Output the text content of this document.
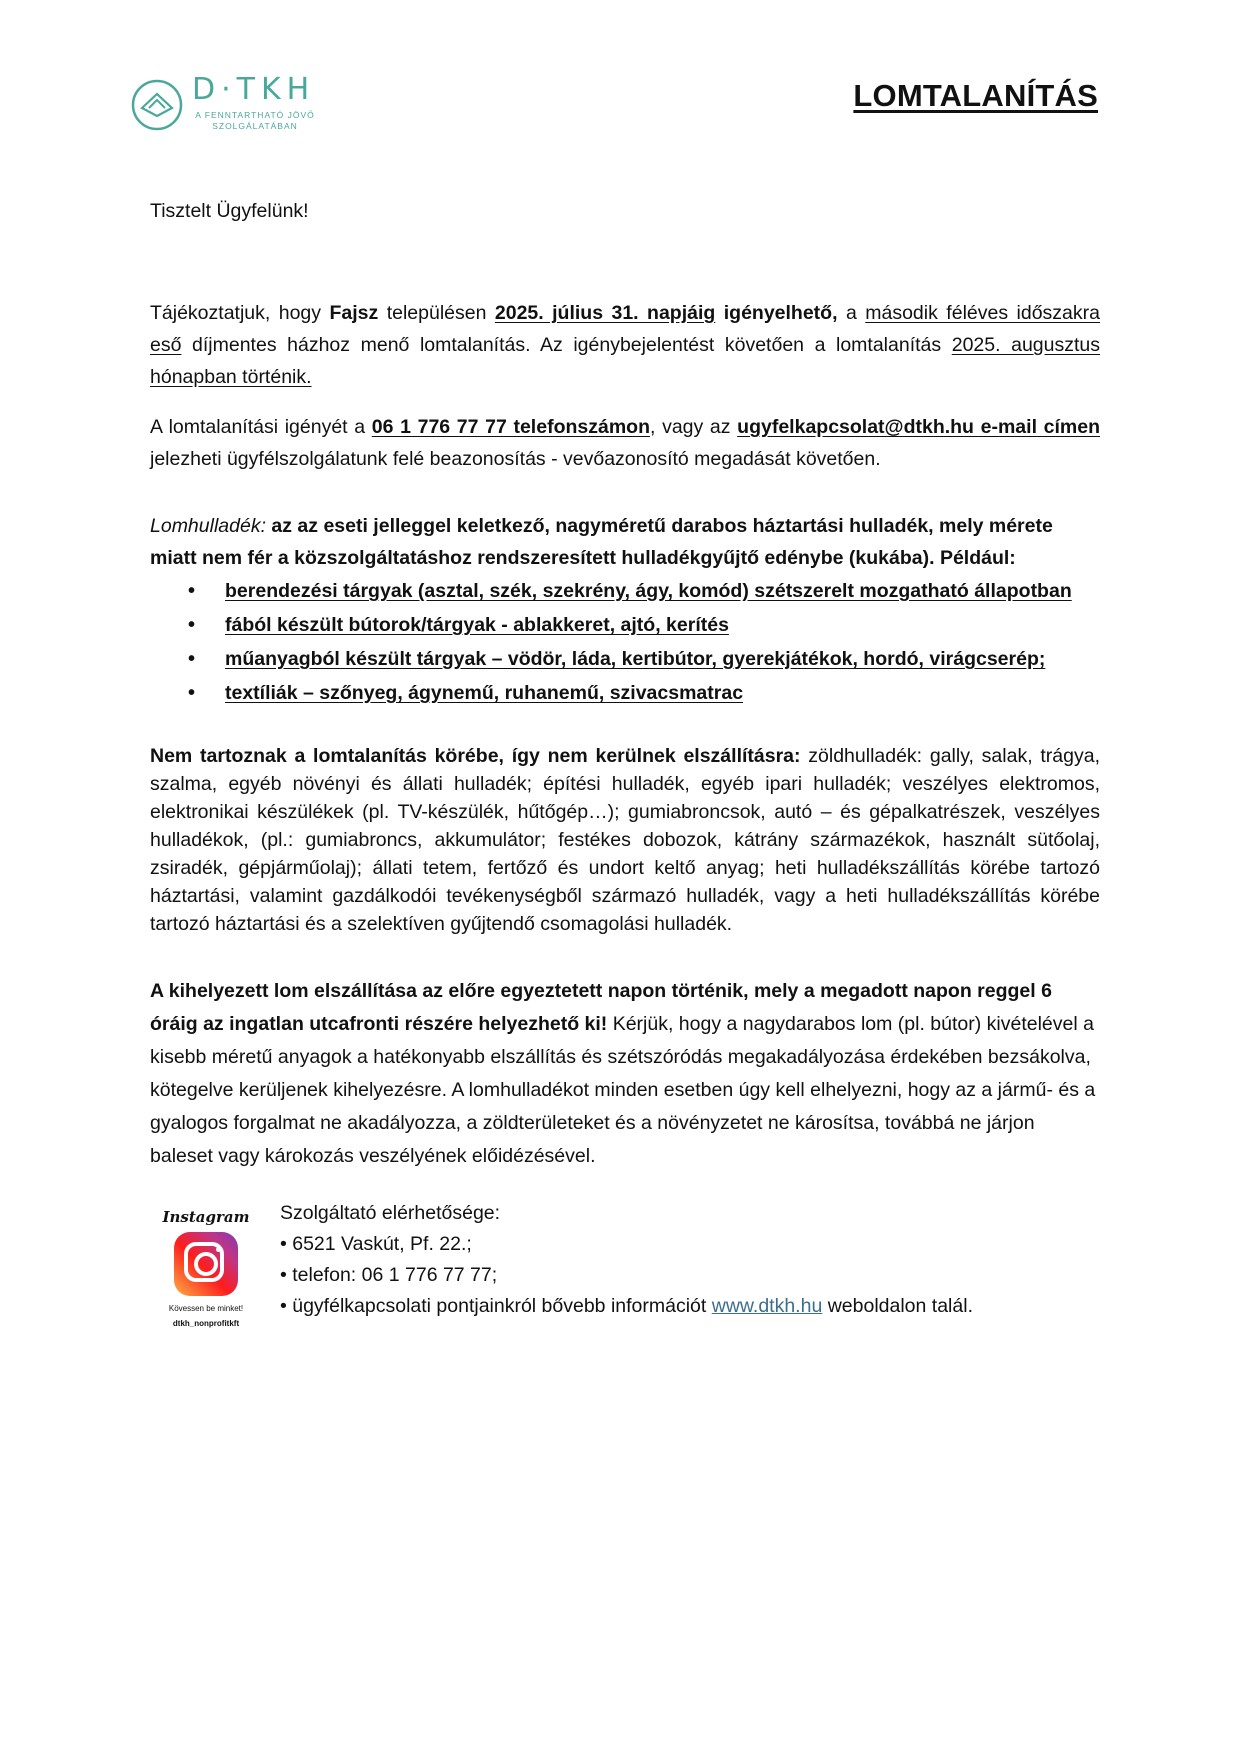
D·TKH
A FENNTARTHATÓ JÖVŐ
SZOLGÁLATÁBAN
LOMTALANÍTÁS

Tisztelt Ügyfelünk!

Tájékoztatjuk, hogy Fajsz településen 2025. július 31. napjáig igényelhető, a második féléves időszakra eső díjmentes házhoz menő lomtalanítás. Az igénybejelentést követően a lomtalanítás 2025. augusztus hónapban történik.

A lomtalanítási igényét a 06 1 776 77 77 telefonszámon, vagy az ugyfelkapcsolat@dtkh.hu e-mail címen jelezheti ügyfélszolgálatunk felé beazonosítás - vevőazonosító megadását követően.

Lomhulladék: az az eseti jelleggel keletkező, nagyméretű darabos háztartási hulladék, mely mérete miatt nem fér a közszolgáltatáshoz rendszeresített hulladékgyűjtő edénybe (kukába). Például:

• berendezési tárgyak (asztal, szék, szekrény, ágy, komód) szétszerelt mozgatható állapotban
• fából készült bútorok/tárgyak - ablakkeret, ajtó, kerítés
• műanyagból készült tárgyak – vödör, láda, kertibútor, gyerekjátékok, hordó, virágcserép;
• textíliák – szőnyeg, ágynemű, ruhanemű, szivacsmatrac

Nem tartoznak a lomtalanítás körébe, így nem kerülnek elszállításra: zöldhulladék: gally, salak, trágya, szalma, egyéb növényi és állati hulladék; építési hulladék, egyéb ipari hulladék; veszélyes elektromos, elektronikai készülékek (pl. TV-készülék, hűtőgép…); gumiabroncsok, autó – és gépalkatrészek, veszélyes hulladékok, (pl.: gumiabroncs, akkumulátor; festékes dobozok, kátrány származékok, használt sütőolaj, zsiradék, gépjárműolaj); állati tetem, fertőző és undort keltő anyag; heti hulladékszállítás körébe tartozó háztartási, valamint gazdálkodói tevékenységből származó hulladék, vagy a heti hulladékszállítás körébe tartozó háztartási és a szelektíven gyűjtendő csomagolási hulladék.

A kihelyezett lom elszállítása az előre egyeztetett napon történik, mely a megadott napon reggel 6 óráig az ingatlan utcafronti részére helyezhető ki! Kérjük, hogy a nagydarabos lom (pl. bútor) kivételével a kisebb méretű anyagok a hatékonyabb elszállítás és szétszóródás megakadályozása érdekében bezsákolva, kötegelve kerüljenek kihelyezésre. A lomhulladékot minden esetben úgy kell elhelyezni, hogy az a jármű- és a gyalogos forgalmat ne akadályozza, a zöldterületeket és a növényzetet ne károsítsa, továbbá ne járjon baleset vagy károkozás veszélyének előidézésével.

Instagram
Kövessen be minket!
dtkh_nonprofitkft
Szolgáltató elérhetősége:
• 6521 Vaskút, Pf. 22.;
• telefon: 06 1 776 77 77;
• ügyfélkapcsolati pontjainkról bővebb információt www.dtkh.hu weboldalon talál.
